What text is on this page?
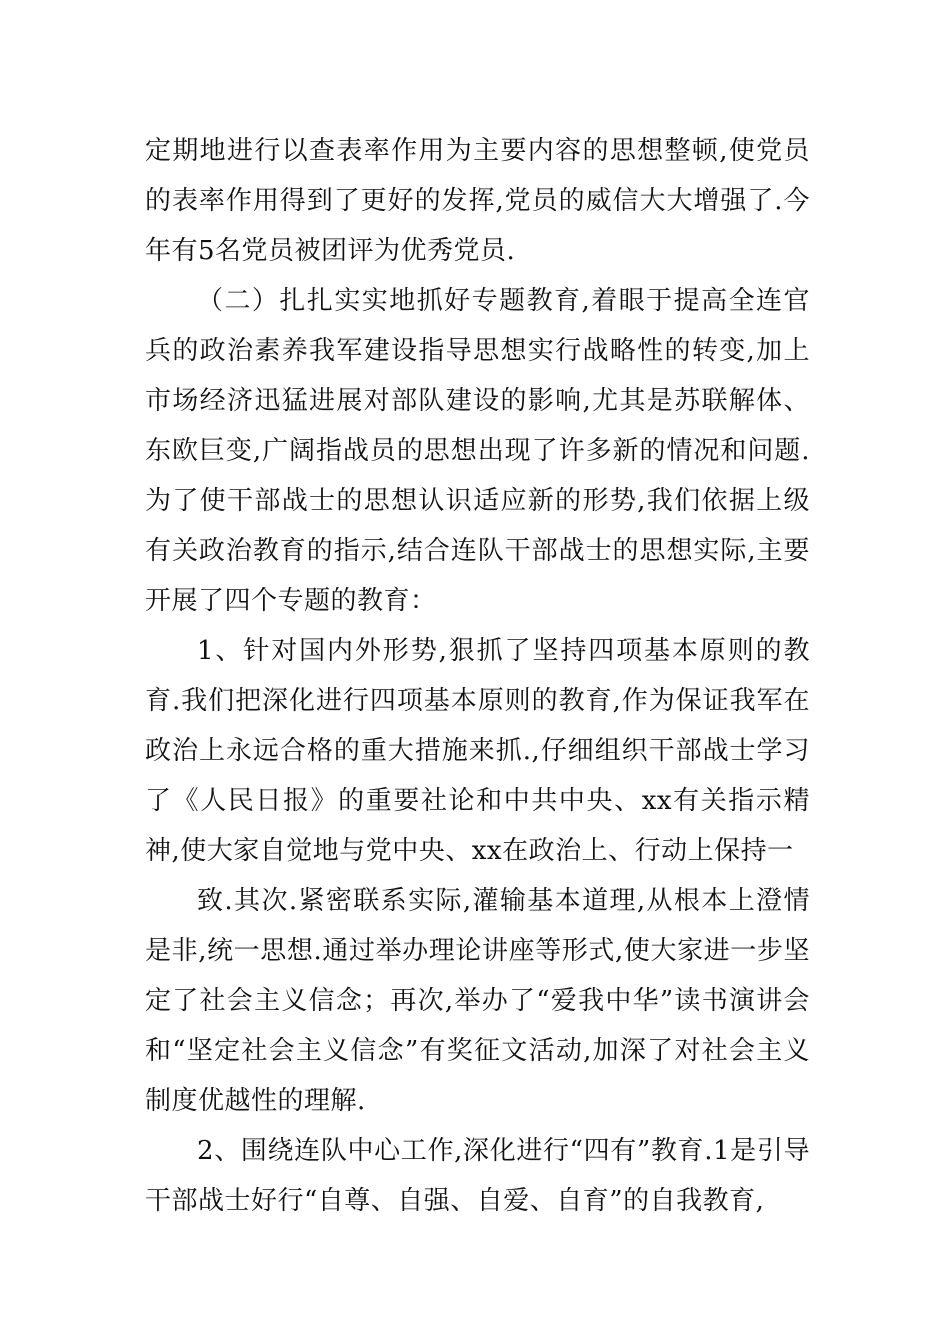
定期地进行以查表率作用为主要内容的思想整顿,使党员的表率作用得到了更好的发挥,党员的威信大大增强了.今年有5名党员被团评为优秀党员.

（二）扎扎实实地抓好专题教育,着眼于提高全连官兵的政治素养我军建设指导思想实行战略性的转变,加上市场经济迅猛进展对部队建设的影响,尤其是苏联解体、东欧巨变,广阔指战员的思想出现了许多新的情况和问题.为了使干部战士的思想认识适应新的形势,我们依据上级有关政治教育的指示,结合连队干部战士的思想实际,主要开展了四个专题的教育：

1、针对国内外形势,狠抓了坚持四项基本原则的教育.我们把深化进行四项基本原则的教育,作为保证我军在政治上永远合格的重大措施来抓.,仔细组织干部战士学习了《人民日报》的重要社论和中共中央、xx有关指示精神,使大家自觉地与党中央、xx在政治上、行动上保持一

致.其次.紧密联系实际,灌输基本道理,从根本上澄情是非,统一思想.通过举办理论讲座等形式,使大家进一步坚定了社会主义信念；再次,举办了“爱我中华”读书演讲会和“坚定社会主义信念”有奖征文活动,加深了对社会主义制度优越性的理解.

2、围绕连队中心工作,深化进行“四有”教育.1是引导干部战士好行“自尊、自强、自爱、自育”的自我教育,
